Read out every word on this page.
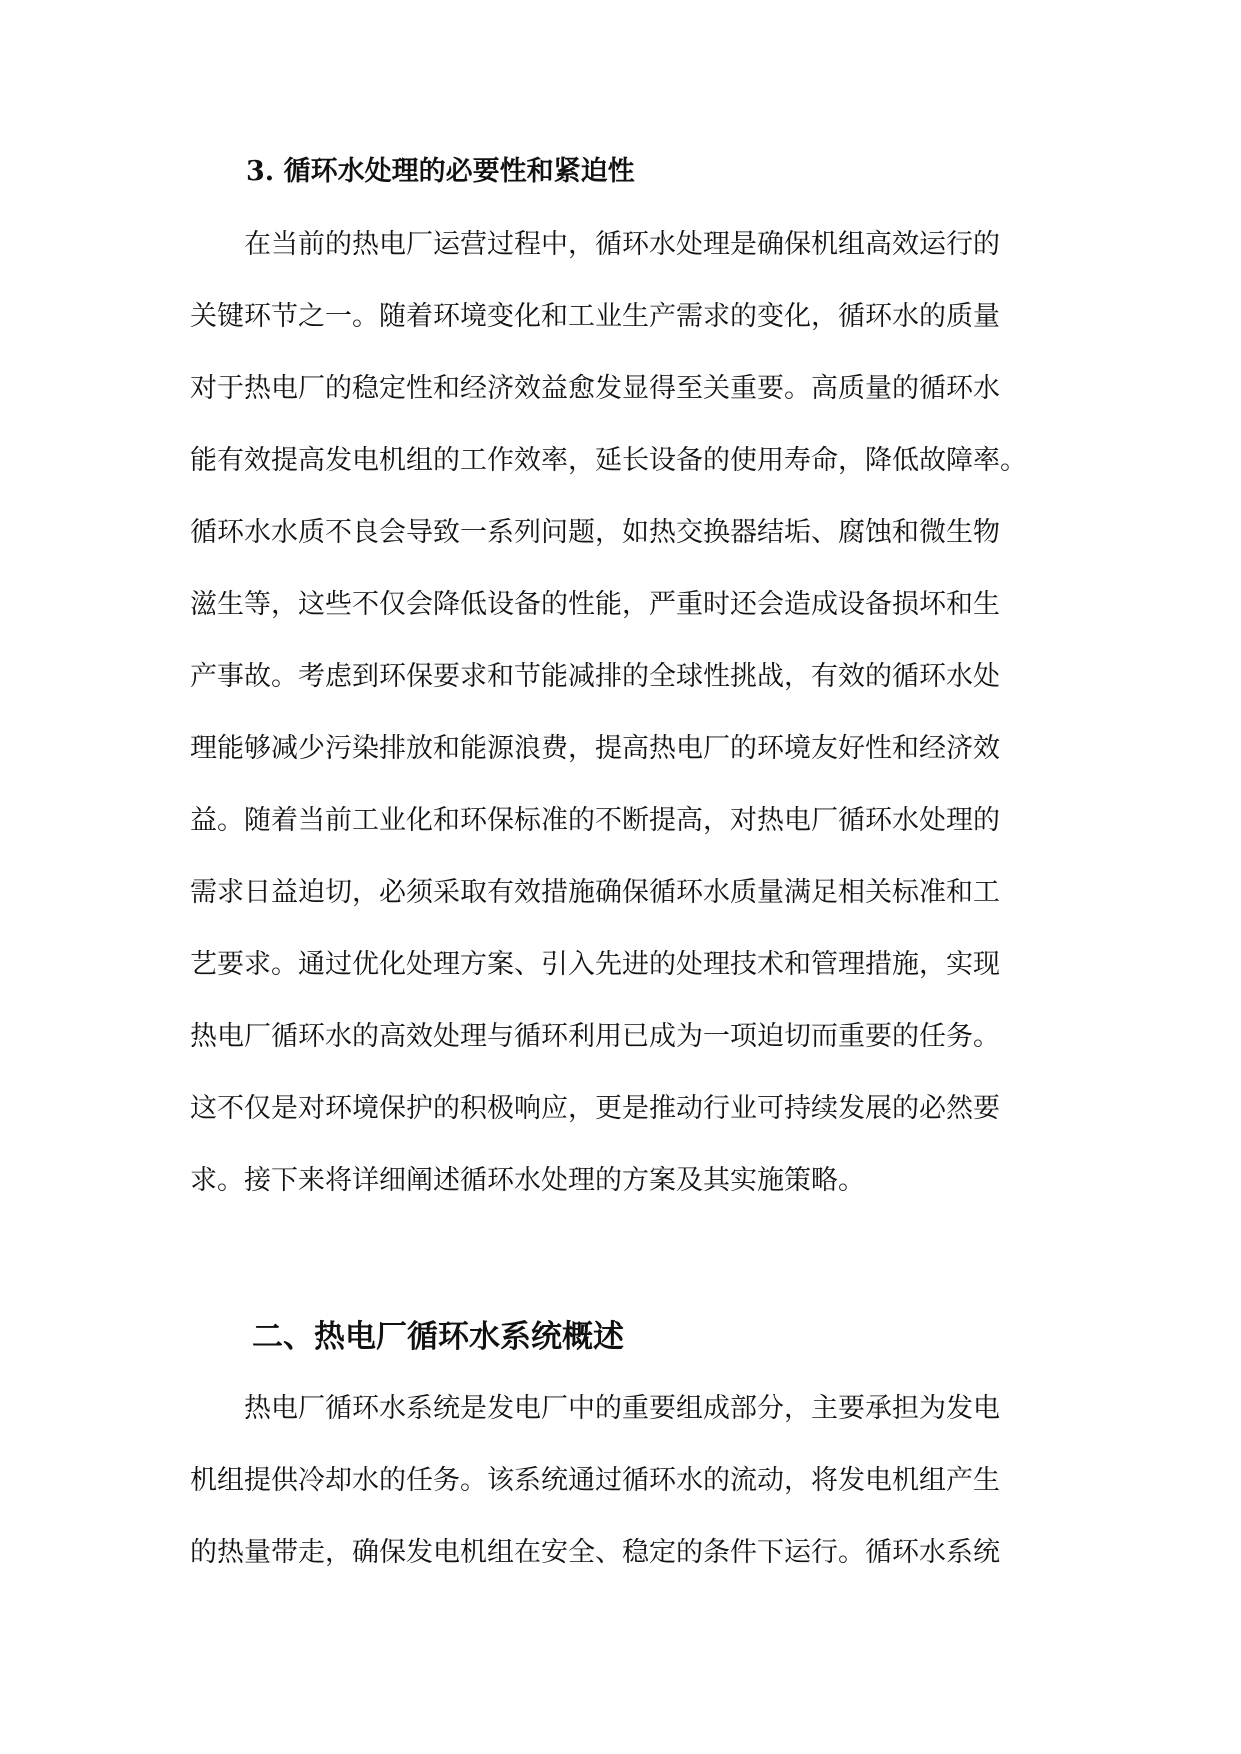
3. 循环水处理的必要性和紧迫性

　　在当前的热电厂运营过程中，循环水处理是确保机组高效运行的

关键环节之一。随着环境变化和工业生产需求的变化，循环水的质量

对于热电厂的稳定性和经济效益愈发显得至关重要。高质量的循环水

能有效提高发电机组的工作效率，延长设备的使用寿命，降低故障率。

循环水水质不良会导致一系列问题，如热交换器结垢、腐蚀和微生物

滋生等，这些不仅会降低设备的性能，严重时还会造成设备损坏和生

产事故。考虑到环保要求和节能减排的全球性挑战，有效的循环水处

理能够减少污染排放和能源浪费，提高热电厂的环境友好性和经济效

益。随着当前工业化和环保标准的不断提高，对热电厂循环水处理的

需求日益迫切，必须采取有效措施确保循环水质量满足相关标准和工

艺要求。通过优化处理方案、引入先进的处理技术和管理措施，实现

热电厂循环水的高效处理与循环利用已成为一项迫切而重要的任务。

这不仅是对环境保护的积极响应，更是推动行业可持续发展的必然要

求。接下来将详细阐述循环水处理的方案及其实施策略。

二、热电厂循环水系统概述

　　热电厂循环水系统是发电厂中的重要组成部分，主要承担为发电

机组提供冷却水的任务。该系统通过循环水的流动，将发电机组产生

的热量带走，确保发电机组在安全、稳定的条件下运行。循环水系统
